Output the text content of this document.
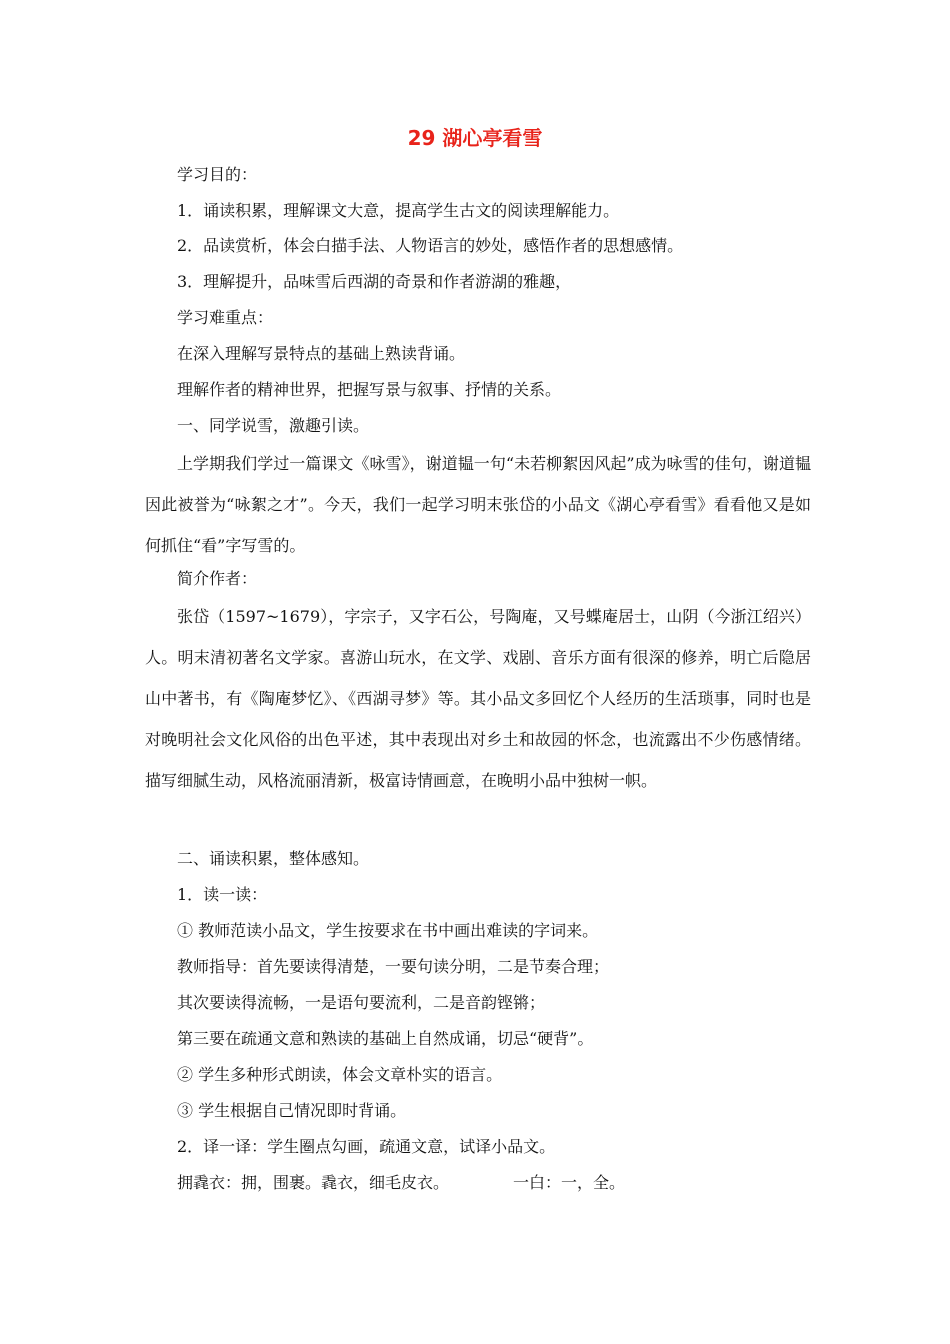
29 湖心亭看雪
学习目的：
1．诵读积累，理解课文大意，提高学生古文的阅读理解能力。
2．品读赏析，体会白描手法、人物语言的妙处，感悟作者的思想感情。
3．理解提升，品味雪后西湖的奇景和作者游湖的雅趣，
学习难重点：
在深入理解写景特点的基础上熟读背诵。
理解作者的精神世界，把握写景与叙事、抒情的关系。
一、同学说雪，激趣引读。
上学期我们学过一篇课文《咏雪》，谢道韫一句“未若柳絮因风起”成为咏雪的佳句，谢道韫因此被誉为“咏絮之才”。今天，我们一起学习明末张岱的小品文《湖心亭看雪》看看他又是如何抓住“看”字写雪的。
简介作者：
张岱（1597~1679），字宗子，又字石公，号陶庵，又号蝶庵居士，山阴（今浙江绍兴）人。明末清初著名文学家。喜游山玩水，在文学、戏剧、音乐方面有很深的修养，明亡后隐居山中著书，有《陶庵梦忆》、《西湖寻梦》等。其小品文多回忆个人经历的生活琐事，同时也是对晚明社会文化风俗的出色平述，其中表现出对乡土和故园的怀念，也流露出不少伤感情绪。描写细腻生动，风格流丽清新，极富诗情画意，在晚明小品中独树一帜。
二、诵读积累，整体感知。
1．读一读：
① 教师范读小品文，学生按要求在书中画出难读的字词来。
教师指导：首先要读得清楚，一要句读分明，二是节奏合理；
其次要读得流畅，一是语句要流利，二是音韵铿锵；
第三要在疏通文意和熟读的基础上自然成诵，切忌“硬背”。
② 学生多种形式朗读，体会文章朴实的语言。
③ 学生根据自己情况即时背诵。
2．译一译：学生圈点勾画，疏通文意，试译小品文。
拥毳衣：拥，围裹。毳衣，细毛皮衣。	一白：一，全。
